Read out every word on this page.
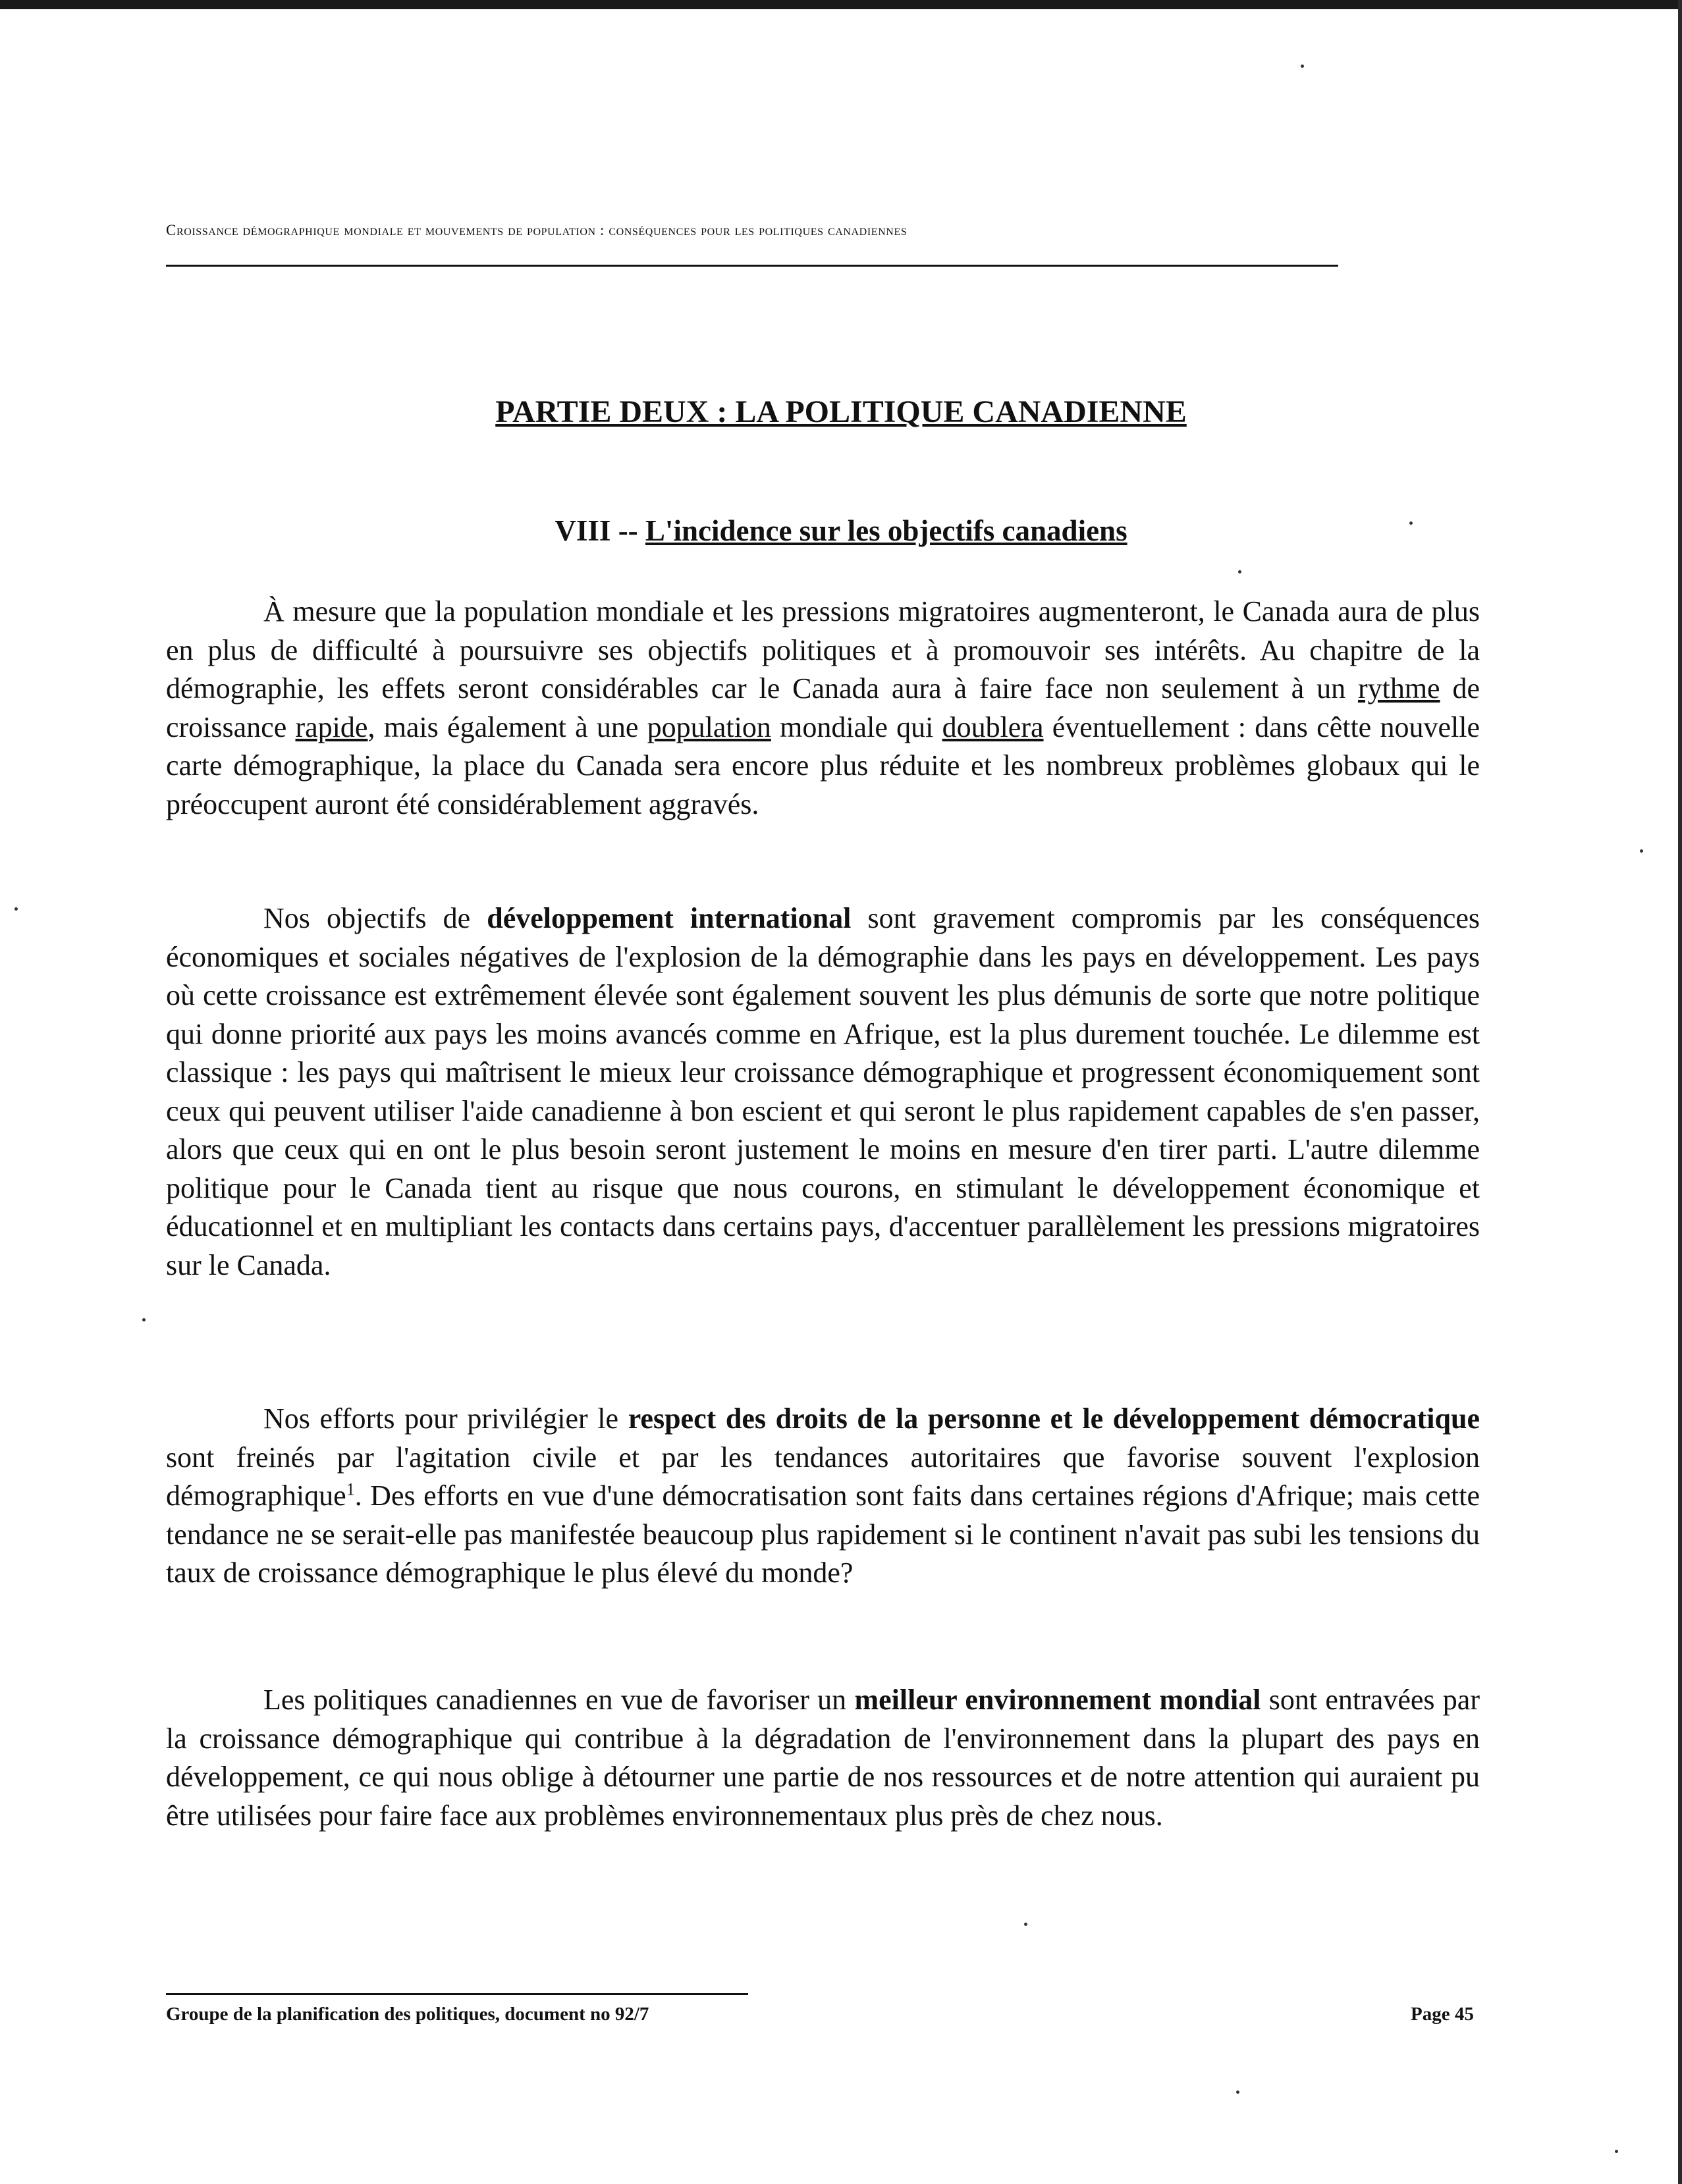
Croissance démographique mondiale et mouvements de population : conséquences pour les politiques canadiennes
PARTIE DEUX : LA POLITIQUE CANADIENNE
VIII -- L'incidence sur les objectifs canadiens
À mesure que la population mondiale et les pressions migratoires augmenteront, le Canada aura de plus en plus de difficulté à poursuivre ses objectifs politiques et à promouvoir ses intérêts. Au chapitre de la démographie, les effets seront considérables car le Canada aura à faire face non seulement à un rythme de croissance rapide, mais également à une population mondiale qui doublera éventuellement : dans cêtte nouvelle carte démographique, la place du Canada sera encore plus réduite et les nombreux problèmes globaux qui le préoccupent auront été considérablement aggravés.
Nos objectifs de développement international sont gravement compromis par les conséquences économiques et sociales négatives de l'explosion de la démographie dans les pays en développement. Les pays où cette croissance est extrêmement élevée sont également souvent les plus démunis de sorte que notre politique qui donne priorité aux pays les moins avancés comme en Afrique, est la plus durement touchée. Le dilemme est classique : les pays qui maîtrisent le mieux leur croissance démographique et progressent économiquement sont ceux qui peuvent utiliser l'aide canadienne à bon escient et qui seront le plus rapidement capables de s'en passer, alors que ceux qui en ont le plus besoin seront justement le moins en mesure d'en tirer parti. L'autre dilemme politique pour le Canada tient au risque que nous courons, en stimulant le développement économique et éducationnel et en multipliant les contacts dans certains pays, d'accentuer parallèlement les pressions migratoires sur le Canada.
Nos efforts pour privilégier le respect des droits de la personne et le développement démocratique sont freinés par l'agitation civile et par les tendances autoritaires que favorise souvent l'explosion démographique$^1$. Des efforts en vue d'une démocratisation sont faits dans certaines régions d'Afrique; mais cette tendance ne se serait-elle pas manifestée beaucoup plus rapidement si le continent n'avait pas subi les tensions du taux de croissance démographique le plus élevé du monde?
Les politiques canadiennes en vue de favoriser un meilleur environnement mondial sont entravées par la croissance démographique qui contribue à la dégradation de l'environnement dans la plupart des pays en développement, ce qui nous oblige à détourner une partie de nos ressources et de notre attention qui auraient pu être utilisées pour faire face aux problèmes environnementaux plus près de chez nous.
Groupe de la planification des politiques, document no 92/7	Page 45
